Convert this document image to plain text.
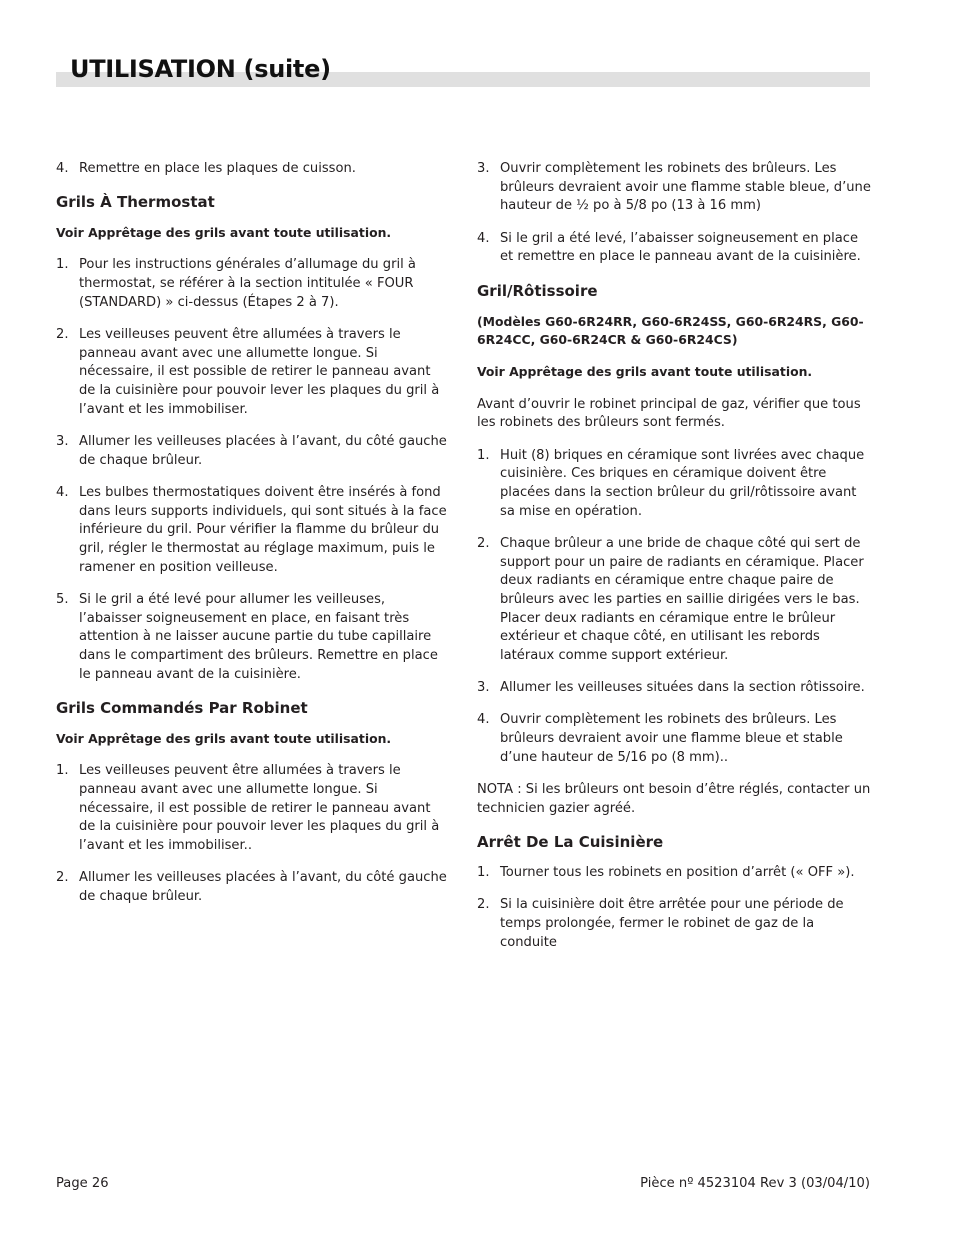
UTILISATION (suite)
4. Remettre en place les plaques de cuisson.
Grils À Thermostat
Voir Apprêtage des grils avant toute utilisation.
1. Pour les instructions générales d’allumage du gril à thermostat, se référer à la section intitulée « FOUR (STANDARD) » ci-dessus (Étapes 2 à 7).
2. Les veilleuses peuvent être allumées à travers le panneau avant avec une allumette longue. Si nécessaire, il est possible de retirer le panneau avant de la cuisinière pour pouvoir lever les plaques du gril à l’avant et les immobiliser.
3. Allumer les veilleuses placées à l’avant, du côté gauche de chaque brûleur.
4. Les bulbes thermostatiques doivent être insérés à fond dans leurs supports individuels, qui sont situés à la face inférieure du gril. Pour vérifier la flamme du brûleur du gril, régler le thermostat au réglage maximum, puis le ramener en position veilleuse.
5. Si le gril a été levé pour allumer les veilleuses, l’abaisser soigneusement en place, en faisant très attention à ne laisser aucune partie du tube capillaire dans le compartiment des brûleurs. Remettre en place le panneau avant de la cuisinière.
Grils Commandés Par Robinet
Voir Apprêtage des grils avant toute utilisation.
1. Les veilleuses peuvent être allumées à travers le panneau avant avec une allumette longue. Si nécessaire, il est possible de retirer le panneau avant de la cuisinière pour pouvoir lever les plaques du gril à l’avant et les immobiliser..
2. Allumer les veilleuses placées à l’avant, du côté gauche de chaque brûleur.
3. Ouvrir complètement les robinets des brûleurs. Les brûleurs devraient avoir une flamme stable bleue, d’une hauteur de ½ po à 5/8 po (13 à 16 mm)
4. Si le gril a été levé, l’abaisser soigneusement en place et remettre en place le panneau avant de la cuisinière.
Gril/Rôtissoire
(Modèles G60-6R24RR, G60-6R24SS, G60-6R24RS, G60-6R24CC, G60-6R24CR & G60-6R24CS)
Voir Apprêtage des grils avant toute utilisation.
Avant d’ouvrir le robinet principal de gaz, vérifier que tous les robinets des brûleurs sont fermés.
1. Huit (8) briques en céramique sont livrées avec chaque cuisinière. Ces briques en céramique doivent être placées dans la section brûleur du gril/rôtissoire avant sa mise en opération.
2. Chaque brûleur a une bride de chaque côté qui sert de support pour un paire de radiants en céramique. Placer deux radiants en céramique entre chaque paire de brûleurs avec les parties en saillie dirigées vers le bas. Placer deux radiants en céramique entre le brûleur extérieur et chaque côté, en utilisant les rebords latéraux comme support extérieur.
3. Allumer les veilleuses situées dans la section rôtissoire.
4. Ouvrir complètement les robinets des brûleurs. Les brûleurs devraient avoir une flamme bleue et stable d’une hauteur de 5/16 po (8 mm)..
NOTA : Si les brûleurs ont besoin d’être réglés, contacter un technicien gazier agréé.
Arrêt De La Cuisinière
1. Tourner tous les robinets en position d’arrêt (« OFF »).
2. Si la cuisinière doit être arrêtée pour une période de temps prolongée, fermer le robinet de gaz de la conduite
Page 26	Pièce nº 4523104 Rev 3 (03/04/10)
